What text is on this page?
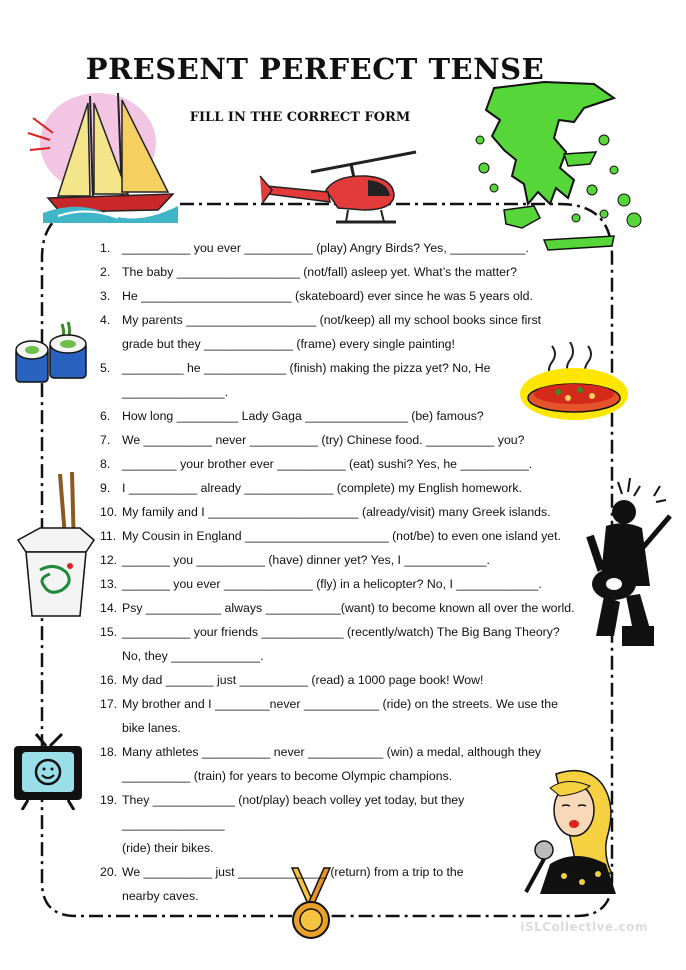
PRESENT PERFECT TENSE
FILL IN THE CORRECT FORM
1. __________ you ever __________ (play) Angry Birds? Yes, ___________.
2. The baby __________________ (not/fall) asleep yet. What’s the matter?
3. He ______________________ (skateboard) ever since he was 5 years old.
4. My parents ___________________ (not/keep) all my school books since first
grade but they _____________ (frame) every single painting!
5. _________ he ____________ (finish) making the pizza yet? No, He
_______________.
6. How long _________ Lady Gaga _______________ (be) famous?
7. We __________ never __________ (try) Chinese food. __________ you?
8. ________ your brother ever __________ (eat) sushi? Yes, he __________.
9. I __________ already _____________ (complete) my English homework.
10. My family and I ______________________ (already/visit) many Greek islands.
11. My Cousin in England _____________________ (not/be) to even one island yet.
12. _______ you __________ (have) dinner yet? Yes, I ____________.
13. _______ you ever _____________ (fly) in a helicopter? No, I ____________.
14. Psy ___________ always ___________(want) to become known all over the world.
15. __________ your friends ____________ (recently/watch) The Big Bang Theory?
No, they _____________.
16. My dad _______ just __________ (read) a 1000 page book! Wow!
17. My brother and I ________never ___________ (ride) on the streets. We use the
bike lanes.
18. Many athletes __________ never ___________ (win) a medal, although they
__________ (train) for years to become Olympic champions.
19. They ____________ (not/play) beach volley yet today, but they
_______________
(ride) their bikes.
20. We __________ just _____________ (return) from a trip to the
nearby caves.
iSLCollective.com
